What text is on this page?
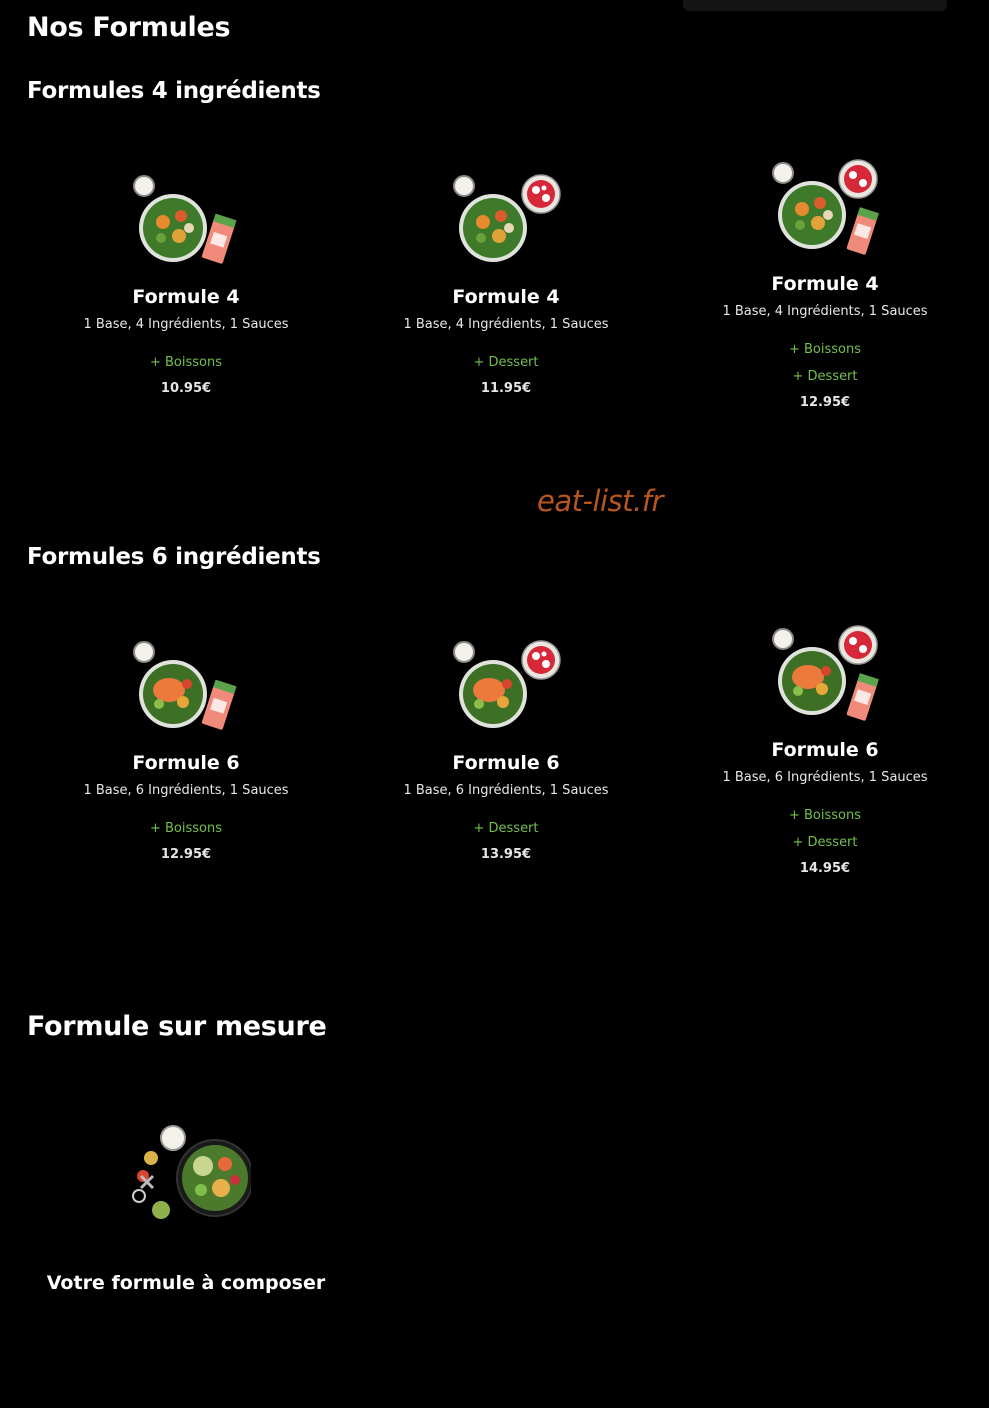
Nos Formules
Formules 4 ingrédients
Formule 4
1 Base, 4 Ingrédients, 1 Sauces
+ Boissons
10.95€
Formule 4
1 Base, 4 Ingrédients, 1 Sauces
+ Dessert
11.95€
Formule 4
1 Base, 4 Ingrédients, 1 Sauces
+ Boissons
+ Dessert
12.95€
eat-list.fr
Formules 6 ingrédients
Formule 6
1 Base, 6 Ingrédients, 1 Sauces
+ Boissons
12.95€
Formule 6
1 Base, 6 Ingrédients, 1 Sauces
+ Dessert
13.95€
Formule 6
1 Base, 6 Ingrédients, 1 Sauces
+ Boissons
+ Dessert
14.95€
Formule sur mesure
Votre formule à composer
